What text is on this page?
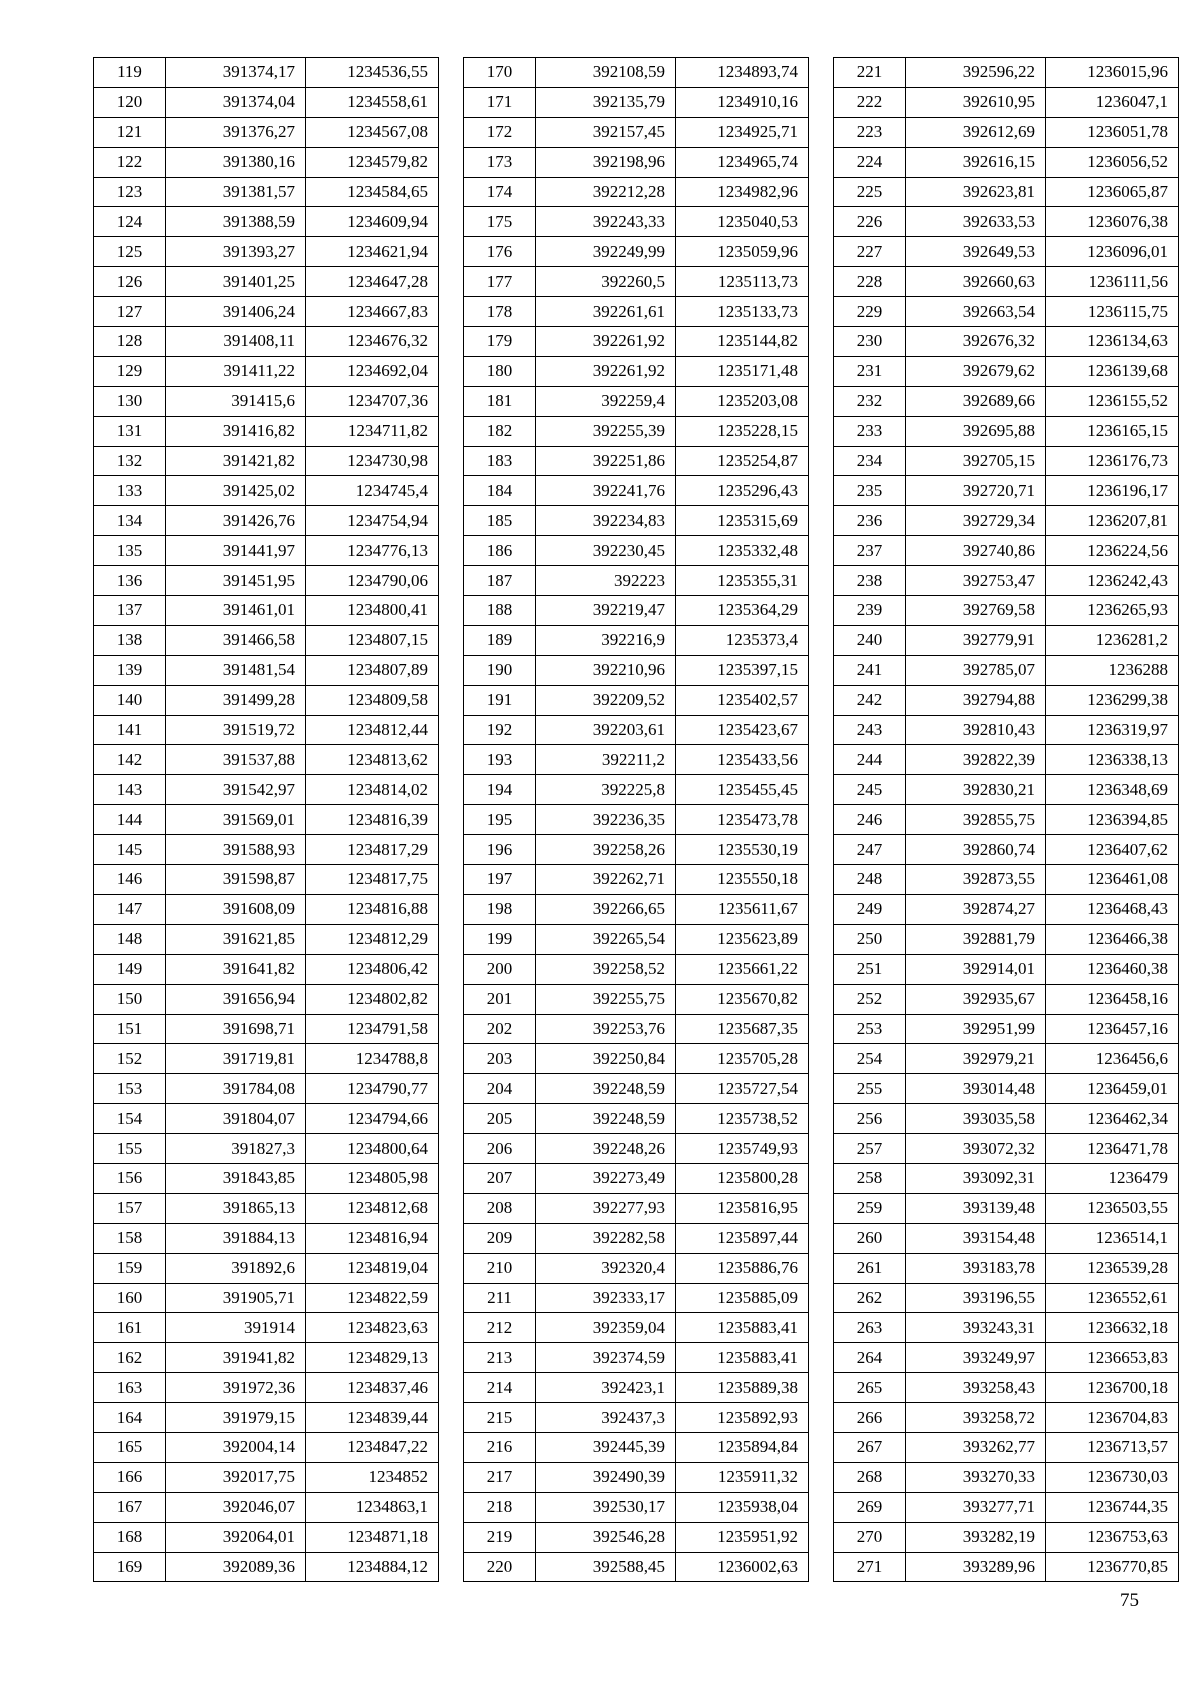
119	391374,17	1234536,55
120	391374,04	1234558,61
121	391376,27	1234567,08
122	391380,16	1234579,82
123	391381,57	1234584,65
124	391388,59	1234609,94
125	391393,27	1234621,94
126	391401,25	1234647,28
127	391406,24	1234667,83
128	391408,11	1234676,32
129	391411,22	1234692,04
130	391415,6	1234707,36
131	391416,82	1234711,82
132	391421,82	1234730,98
133	391425,02	1234745,4
134	391426,76	1234754,94
135	391441,97	1234776,13
136	391451,95	1234790,06
137	391461,01	1234800,41
138	391466,58	1234807,15
139	391481,54	1234807,89
140	391499,28	1234809,58
141	391519,72	1234812,44
142	391537,88	1234813,62
143	391542,97	1234814,02
144	391569,01	1234816,39
145	391588,93	1234817,29
146	391598,87	1234817,75
147	391608,09	1234816,88
148	391621,85	1234812,29
149	391641,82	1234806,42
150	391656,94	1234802,82
151	391698,71	1234791,58
152	391719,81	1234788,8
153	391784,08	1234790,77
154	391804,07	1234794,66
155	391827,3	1234800,64
156	391843,85	1234805,98
157	391865,13	1234812,68
158	391884,13	1234816,94
159	391892,6	1234819,04
160	391905,71	1234822,59
161	391914	1234823,63
162	391941,82	1234829,13
163	391972,36	1234837,46
164	391979,15	1234839,44
165	392004,14	1234847,22
166	392017,75	1234852
167	392046,07	1234863,1
168	392064,01	1234871,18
169	392089,36	1234884,12
170	392108,59	1234893,74
171	392135,79	1234910,16
172	392157,45	1234925,71
173	392198,96	1234965,74
174	392212,28	1234982,96
175	392243,33	1235040,53
176	392249,99	1235059,96
177	392260,5	1235113,73
178	392261,61	1235133,73
179	392261,92	1235144,82
180	392261,92	1235171,48
181	392259,4	1235203,08
182	392255,39	1235228,15
183	392251,86	1235254,87
184	392241,76	1235296,43
185	392234,83	1235315,69
186	392230,45	1235332,48
187	392223	1235355,31
188	392219,47	1235364,29
189	392216,9	1235373,4
190	392210,96	1235397,15
191	392209,52	1235402,57
192	392203,61	1235423,67
193	392211,2	1235433,56
194	392225,8	1235455,45
195	392236,35	1235473,78
196	392258,26	1235530,19
197	392262,71	1235550,18
198	392266,65	1235611,67
199	392265,54	1235623,89
200	392258,52	1235661,22
201	392255,75	1235670,82
202	392253,76	1235687,35
203	392250,84	1235705,28
204	392248,59	1235727,54
205	392248,59	1235738,52
206	392248,26	1235749,93
207	392273,49	1235800,28
208	392277,93	1235816,95
209	392282,58	1235897,44
210	392320,4	1235886,76
211	392333,17	1235885,09
212	392359,04	1235883,41
213	392374,59	1235883,41
214	392423,1	1235889,38
215	392437,3	1235892,93
216	392445,39	1235894,84
217	392490,39	1235911,32
218	392530,17	1235938,04
219	392546,28	1235951,92
220	392588,45	1236002,63
221	392596,22	1236015,96
222	392610,95	1236047,1
223	392612,69	1236051,78
224	392616,15	1236056,52
225	392623,81	1236065,87
226	392633,53	1236076,38
227	392649,53	1236096,01
228	392660,63	1236111,56
229	392663,54	1236115,75
230	392676,32	1236134,63
231	392679,62	1236139,68
232	392689,66	1236155,52
233	392695,88	1236165,15
234	392705,15	1236176,73
235	392720,71	1236196,17
236	392729,34	1236207,81
237	392740,86	1236224,56
238	392753,47	1236242,43
239	392769,58	1236265,93
240	392779,91	1236281,2
241	392785,07	1236288
242	392794,88	1236299,38
243	392810,43	1236319,97
244	392822,39	1236338,13
245	392830,21	1236348,69
246	392855,75	1236394,85
247	392860,74	1236407,62
248	392873,55	1236461,08
249	392874,27	1236468,43
250	392881,79	1236466,38
251	392914,01	1236460,38
252	392935,67	1236458,16
253	392951,99	1236457,16
254	392979,21	1236456,6
255	393014,48	1236459,01
256	393035,58	1236462,34
257	393072,32	1236471,78
258	393092,31	1236479
259	393139,48	1236503,55
260	393154,48	1236514,1
261	393183,78	1236539,28
262	393196,55	1236552,61
263	393243,31	1236632,18
264	393249,97	1236653,83
265	393258,43	1236700,18
266	393258,72	1236704,83
267	393262,77	1236713,57
268	393270,33	1236730,03
269	393277,71	1236744,35
270	393282,19	1236753,63
271	393289,96	1236770,85
75
